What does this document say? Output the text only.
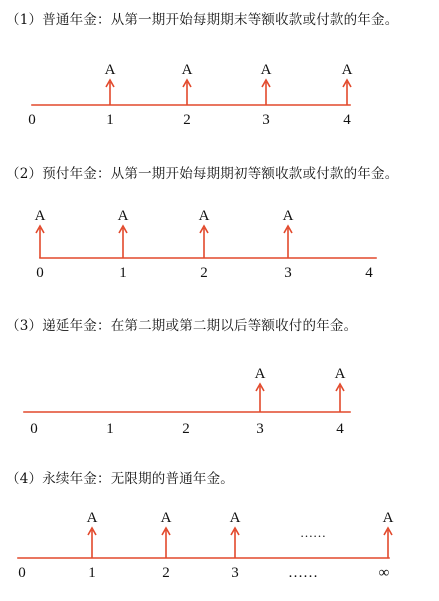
（1）普通年金：从第一期开始每期期末等额收款或付款的年金。
0	1	2	3	4
A	A	A	A
（2）预付年金：从第一期开始每期期初等额收款或付款的年金。
0	1	2	3	4
A	A	A	A
（3）递延年金：在第二期或第二期以后等额收付的年金。
0	1	2	3	4
A	A
（4）永续年金：无限期的普通年金。
0	1	2	3	……	∞
A	A	A	A
……
